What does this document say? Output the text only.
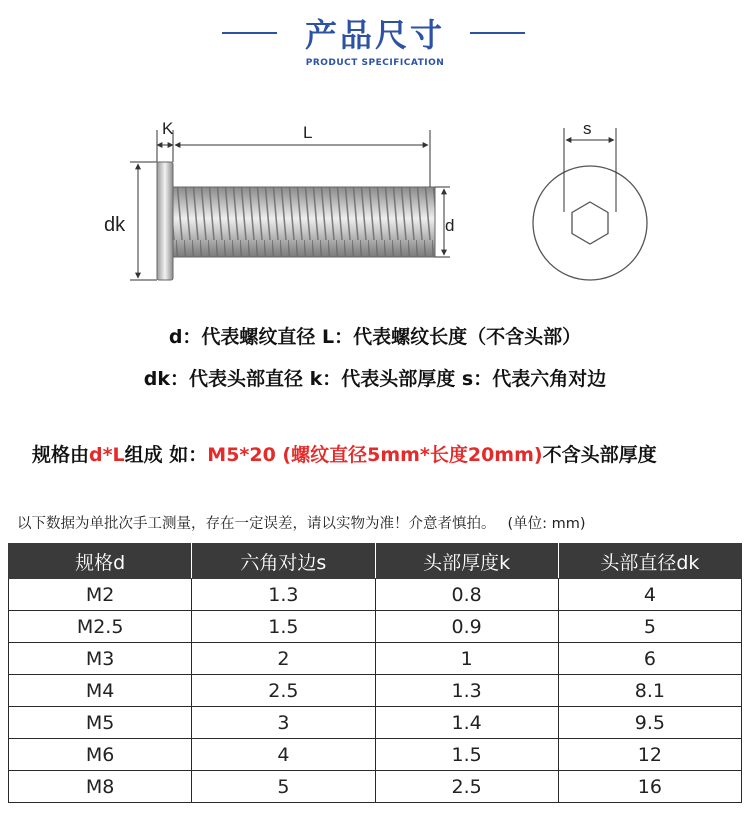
产品尺寸
PRODUCT SPECIFICATION
K	L
dk	d
s
d：代表螺纹直径 L：代表螺纹长度（不含头部）
dk：代表头部直径 k：代表头部厚度 s：代表六角对边
规格由d*L组成 如：M5*20 (螺纹直径5mm*长度20mm)不含头部厚度
以下数据为单批次手工测量，存在一定误差，请以实物为准！介意者慎拍。 (单位: mm)
规格d	六角对边s	头部厚度k	头部直径dk
M2	1.3	0.8	4
M2.5	1.5	0.9	5
M3	2	1	6
M4	2.5	1.3	8.1
M5	3	1.4	9.5
M6	4	1.5	12
M8	5	2.5	16
